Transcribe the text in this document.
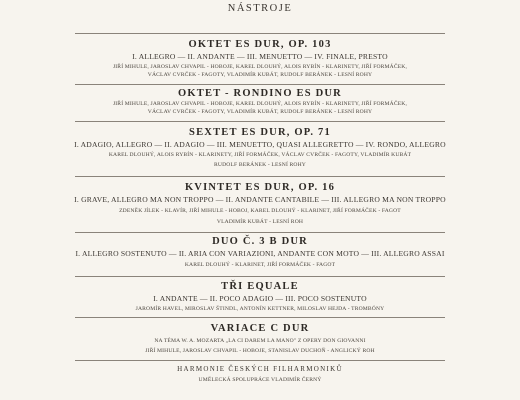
NÁSTROJE
OKTET ES DUR, OP. 103
I. ALLEGRO — II. ANDANTE — III. MENUETTO — IV. FINALE, PRESTO
JIŘÍ MIHULE, JAROSLAV CHVAPIL - HOBOJE, KAREL DLOUHÝ, ALOIS RYBÍN - KLARINETY, JIŘÍ FORMÁČEK,
VÁCLAV CVRČEK - FAGOTY, VLADIMÍR KUBÁT, RUDOLF BERÁNEK - LESNÍ ROHY
OKTET - RONDINO ES DUR
JIŘÍ MIHULE, JAROSLAV CHVAPIL - HOBOJE, KAREL DLOUHÝ, ALOIS RYBÍN - KLARINETY, JIŘÍ FORMÁČEK,
VÁCLAV CVRČEK - FAGOTY, VLADIMÍR KUBÁT, RUDOLF BERÁNEK - LESNÍ ROHY
SEXTET ES DUR, OP. 71
I. ADAGIO, ALLEGRO — II. ADAGIO — III. MENUETTO, QUASI ALLEGRETTO — IV. RONDO, ALLEGRO
KAREL DLOUHÝ, ALOIS RYBÍN - KLARINETY, JIŘÍ FORMÁČEK, VÁCLAV CVRČEK - FAGOTY, VLADIMÍR KUBÁT
RUDOLF BERÁNEK - LESNÍ ROHY
KVINTET ES DUR, OP. 16
I. GRAVE, ALLEGRO MA NON TROPPO — II. ANDANTE CANTABILE — III. ALLEGRO MA NON TROPPO
ZDENĚK JÍLEK - KLAVÍR, JIŘÍ MIHULE - HOBOJ, KAREL DLOUHÝ - KLARINET, JIŘÍ FORMÁČEK - FAGOT
VLADIMÍR KUBÁT - LESNÍ ROH
DUO Č. 3 B DUR
I. ALLEGRO SOSTENUTO — II. ARIA CON VARIAZIONI, ANDANTE CON MOTO — III. ALLEGRO ASSAI
KAREL DLOUHÝ - KLARINET, JIŘÍ FORMÁČEK - FAGOT
TŘI EQUALE
I. ANDANTE — II. POCO ADAGIO — III. POCO SOSTENUTO
JAROMÍR HAVEL, MIROSLAV ŠTINDL, ANTONÍN KETTNER, MILOSLAV HEJDA - TROMBÓNY
VARIACE C DUR
NA TÉMA W. A. MOZARTA „LA CI DAREM LA MANO" Z OPERY DON GIOVANNI
JIŘÍ MIHULE, JAROSLAV CHVAPIL - HOBOJE, STANISLAV DUCHOŇ - ANGLICKÝ ROH
HARMONIE ČESKÝCH FILHARMONIKŮ
UMĚLECKÁ SPOLUPRÁCE VLADIMÍR ČERNÝ
